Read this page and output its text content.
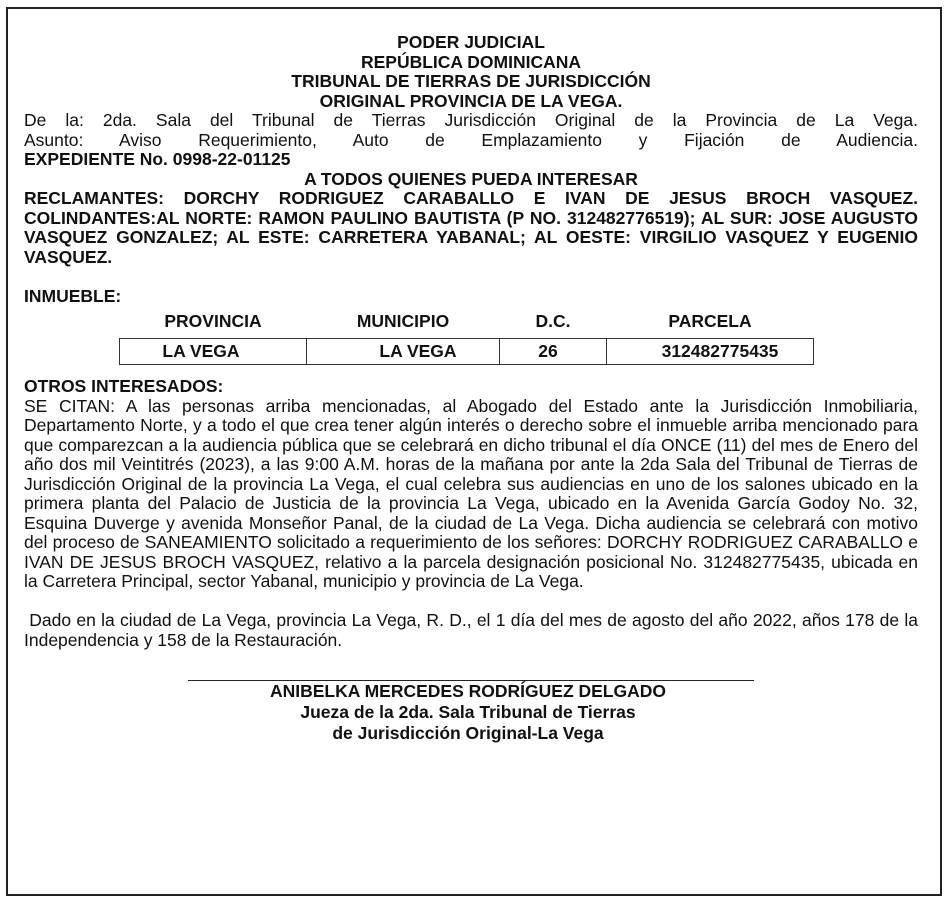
PODER JUDICIAL
REPÚBLICA DOMINICANA
TRIBUNAL DE TIERRAS DE JURISDICCIÓN
ORIGINAL PROVINCIA DE LA VEGA.
De la: 2da. Sala del Tribunal de Tierras Jurisdicción Original de la Provincia de La Vega.
Asunto: Aviso Requerimiento, Auto de Emplazamiento y Fijación de Audiencia.
EXPEDIENTE No. 0998-22-01125
A TODOS QUIENES PUEDA INTERESAR
RECLAMANTES: DORCHY RODRIGUEZ CARABALLO E IVAN DE JESUS BROCH VASQUEZ. COLINDANTES:AL NORTE: RAMON PAULINO BAUTISTA (P NO. 312482776519); AL SUR: JOSE AUGUSTO VASQUEZ GONZALEZ; AL ESTE: CARRETERA YABANAL; AL OESTE: VIRGILIO VASQUEZ Y EUGENIO VASQUEZ.
INMUEBLE:
PROVINCIA	MUNICIPIO	D.C.	PARCELA
LA VEGA	LA VEGA	26	312482775435
OTROS INTERESADOS:
SE CITAN: A las personas arriba mencionadas, al Abogado del Estado ante la Jurisdicción Inmobiliaria, Departamento Norte, y a todo el que crea tener algún interés o derecho sobre el inmueble arriba mencionado para que comparezcan a la audiencia pública que se celebrará en dicho tribunal el día ONCE (11) del mes de Enero del año dos mil Veintitrés (2023), a las 9:00 A.M. horas de la mañana por ante la 2da Sala del Tribunal de Tierras de Jurisdicción Original de la provincia La Vega, el cual celebra sus audiencias en uno de los salones ubicado en la primera planta del Palacio de Justicia de la provincia La Vega, ubicado en la Avenida García Godoy No. 32, Esquina Duverge y avenida Monseñor Panal, de la ciudad de La Vega. Dicha audiencia se celebrará con motivo del proceso de SANEAMIENTO solicitado a requerimiento de los señores: DORCHY RODRIGUEZ CARABALLO e IVAN DE JESUS BROCH VASQUEZ, relativo a la parcela designación posicional No. 312482775435, ubicada en la Carretera Principal, sector Yabanal, municipio y provincia de La Vega.
Dado en la ciudad de La Vega, provincia La Vega, R. D., el 1 día del mes de agosto del año 2022, años 178 de la Independencia y 158 de la Restauración.
ANIBELKA MERCEDES RODRÍGUEZ DELGADO
Jueza de la 2da. Sala Tribunal de Tierras
de Jurisdicción Original-La Vega
